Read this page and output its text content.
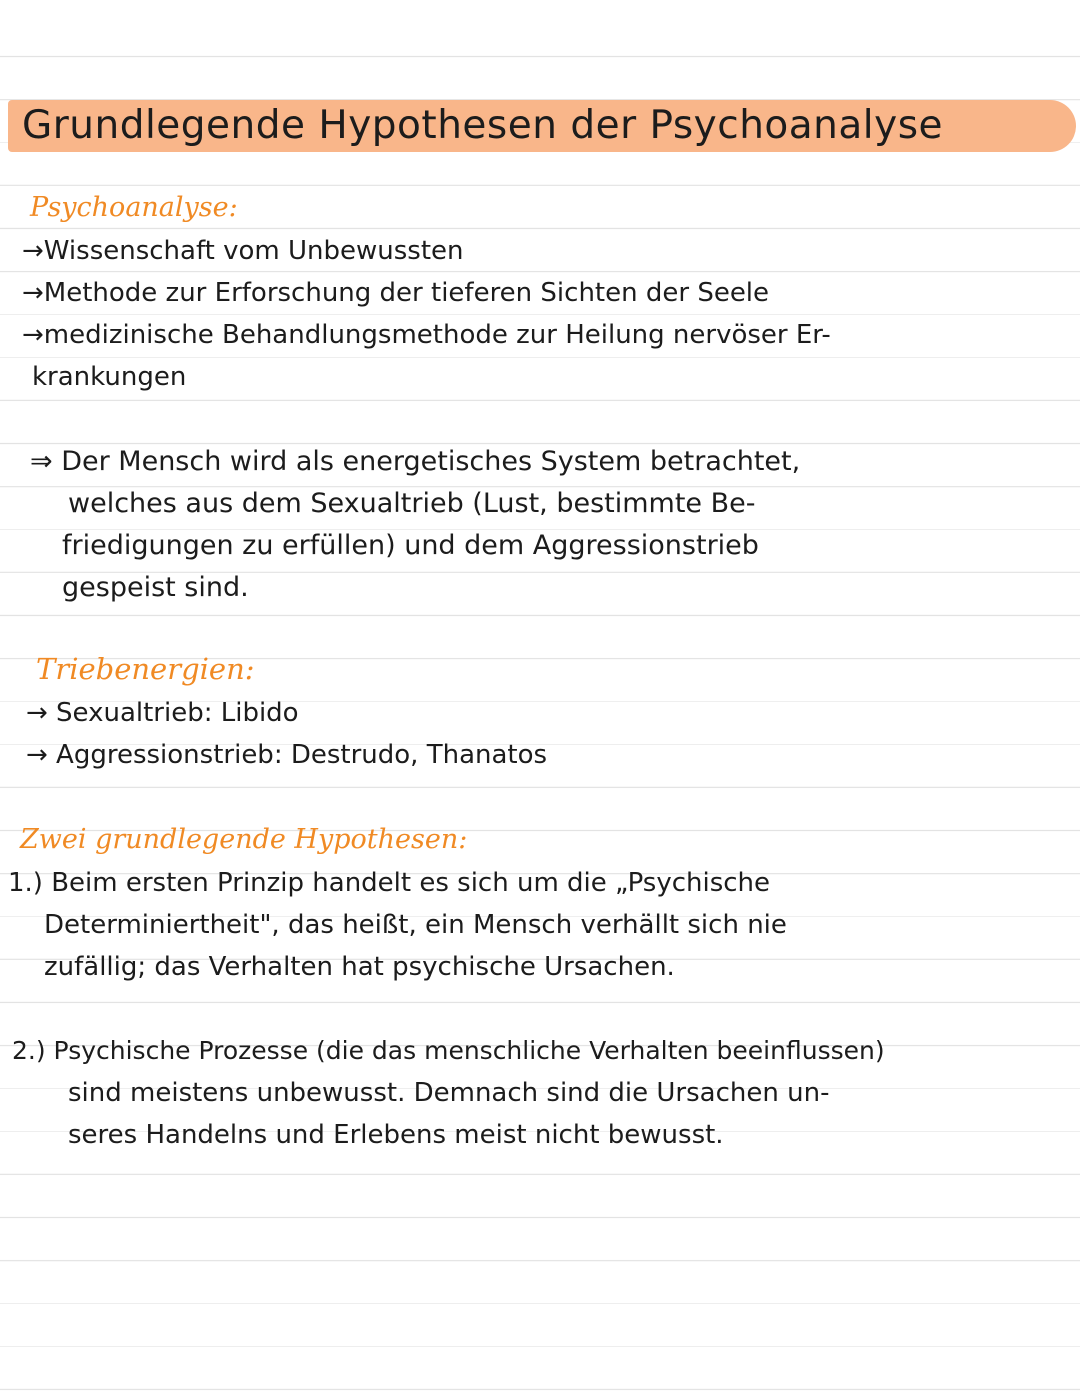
Grundlegende Hypothesen der Psychoanalyse
Psychoanalyse:
→Wissenschaft vom Unbewussten
→Methode zur Erforschung der tieferen Sichten der Seele
→medizinische Behandlungsmethode zur Heilung nervöser Er-
krankungen
⇒ Der Mensch wird als energetisches System betrachtet,
welches aus dem Sexualtrieb (Lust, bestimmte Be-
friedigungen zu erfüllen) und dem Aggressionstrieb
gespeist sind.
Triebenergien:
→ Sexualtrieb: Libido
→ Aggressionstrieb: Destrudo, Thanatos
Zwei grundlegende Hypothesen:
1.) Beim ersten Prinzip handelt es sich um die „Psychische
Determiniertheit", das heißt, ein Mensch verhällt sich nie
zufällig; das Verhalten hat psychische Ursachen.
2.) Psychische Prozesse (die das menschliche Verhalten beeinflussen)
sind meistens unbewusst. Demnach sind die Ursachen un-
seres Handelns und Erlebens meist nicht bewusst.
